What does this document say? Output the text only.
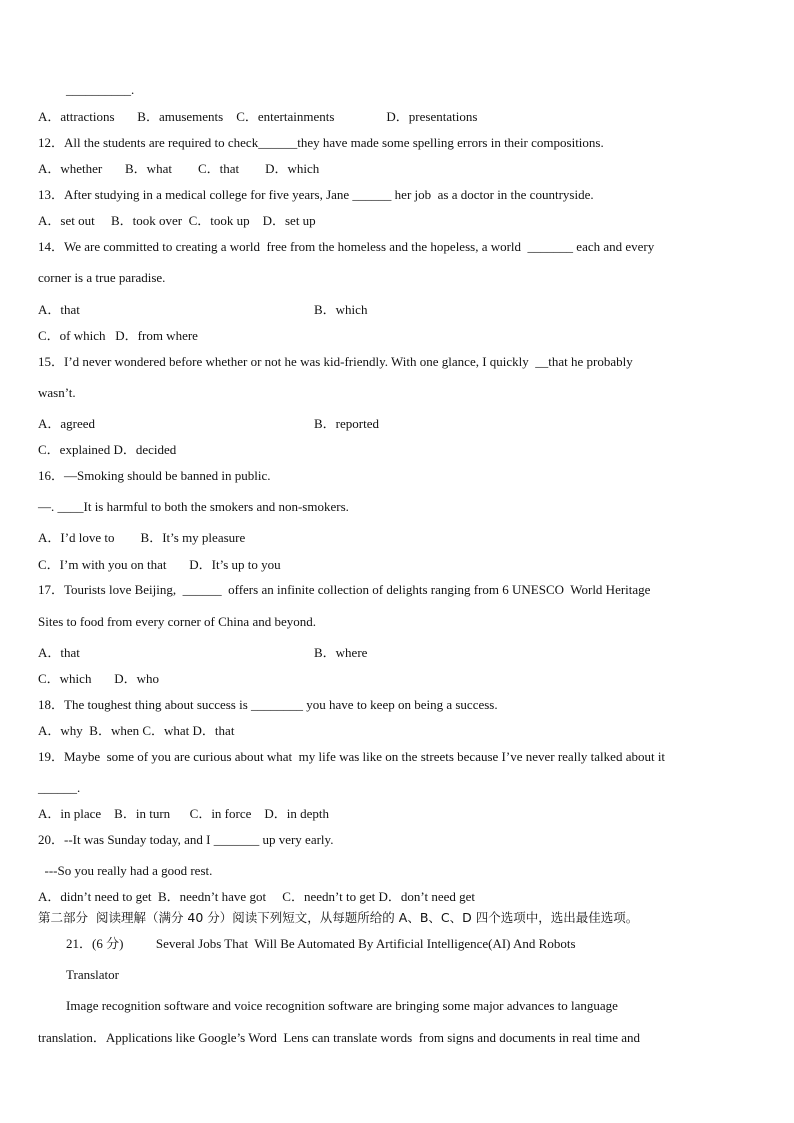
__________.
A．attractions       B．amusements    C．entertainments                D．presentations
12．All the students are required to check______they have made some spelling errors in their compositions.
A．whether       B．what        C．that        D．which
13．After studying in a medical college for five years, Jane ______ her job  as a doctor in the countryside.
A．set out     B．took over  C．took up    D．set up
14．We are committed to creating a world  free from the homeless and the hopeless, a world  _______ each and every
corner is a true paradise.
A．that	B．which
C．of which   D．from where
15．I’d never wondered before whether or not he was kid-friendly. With one glance, I quickly  __that he probably
wasn’t.
A．agreed	B．reported
C．explained D．decided
16．—Smoking should be banned in public.
—. ____It is harmful to both the smokers and non-smokers.
A．I’d love to        B．It’s my pleasure
C．I’m with you on that       D．It’s up to you
17．Tourists love Beijing,  ______  offers an infinite collection of delights ranging from 6 UNESCO  World Heritage
Sites to food from every corner of China and beyond.
A．that	B．where
C．which       D．who
18．The toughest thing about success is ________ you have to keep on being a success.
A．why  B．when C．what D．that
19．Maybe  some of you are curious about what  my life was like on the streets because I’ve never really talked about it
______.
A．in place    B．in turn      C．in force    D．in depth
20．--It was Sunday today, and I _______ up very early.
---So you really had a good rest.
A．didn’t need to get  B．needn’t have got     C．needn’t to get D．don’t need get
第二部分  阅读理解（满分 40 分）阅读下列短文，从每题所给的 A、B、C、D 四个选项中，选出最佳选项。
21．(6 分)          Several Jobs That  Will Be Automated By Artificial Intelligence(AI) And Robots
Translator
Image recognition software and voice recognition software are bringing some major advances to language
translation．Applications like Google’s Word  Lens can translate words  from signs and documents in real time and
